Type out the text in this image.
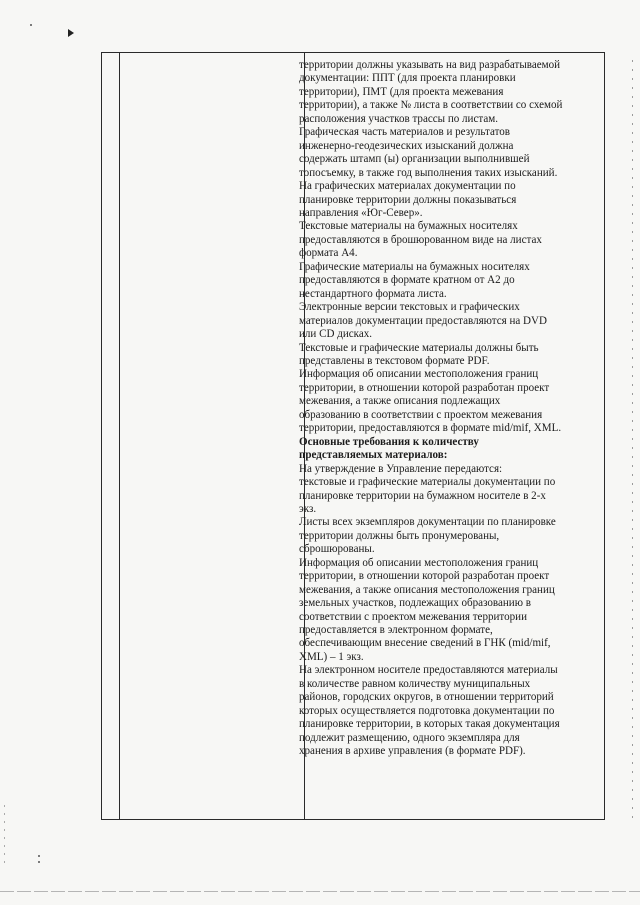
территории должны указывать на вид разрабатываемой

документации: ППТ (для проекта планировки

территории), ПМТ (для проекта межевания

территории), а также № листа в соответствии со схемой

расположения участков трассы по листам.

Графическая часть материалов и результатов

инженерно-геодезических изысканий должна

содержать штамп (ы) организации выполнившей

топосъемку, в также год выполнения таких изысканий.

На графических материалах документации по

планировке территории должны показываться

направления «Юг-Север».

Текстовые материалы на бумажных носителях

предоставляются в брошюрованном виде на листах

формата А4.

Графические материалы на бумажных носителях

предоставляются в формате кратном от А2 до

нестандартного формата листа.

Электронные версии текстовых и графических

материалов документации предоставляются на DVD

или CD дисках.

Текстовые и графические материалы должны быть

представлены в текстовом формате PDF.

Информация об описании местоположения границ

территории, в отношении которой разработан проект

межевания, а также описания подлежащих

образованию в соответствии с проектом межевания

территории, предоставляются в формате mid/mif, XML.

Основные требования к количеству

представляемых материалов:

На утверждение в Управление передаются:

текстовые и графические материалы документации по

планировке территории на бумажном носителе в 2-х

экз.

Листы всех экземпляров документации по планировке

территории должны быть пронумерованы,

сброшюрованы.

Информация об описании местоположения границ

территории, в отношении которой разработан проект

межевания, а также описания местоположения границ

земельных участков, подлежащих образованию в

соответствии с проектом межевания территории

предоставляется в электронном формате,

обеспечивающим внесение сведений в ГНК (mid/mif,

XML) – 1 экз.

На электронном носителе предоставляются материалы

в количестве равном количеству муниципальных

районов, городских округов, в отношении территорий

которых осуществляется подготовка документации по

планировке территории, в которых такая документация

подлежит размещению, одного экземпляра для

хранения в архиве управления (в формате PDF).
